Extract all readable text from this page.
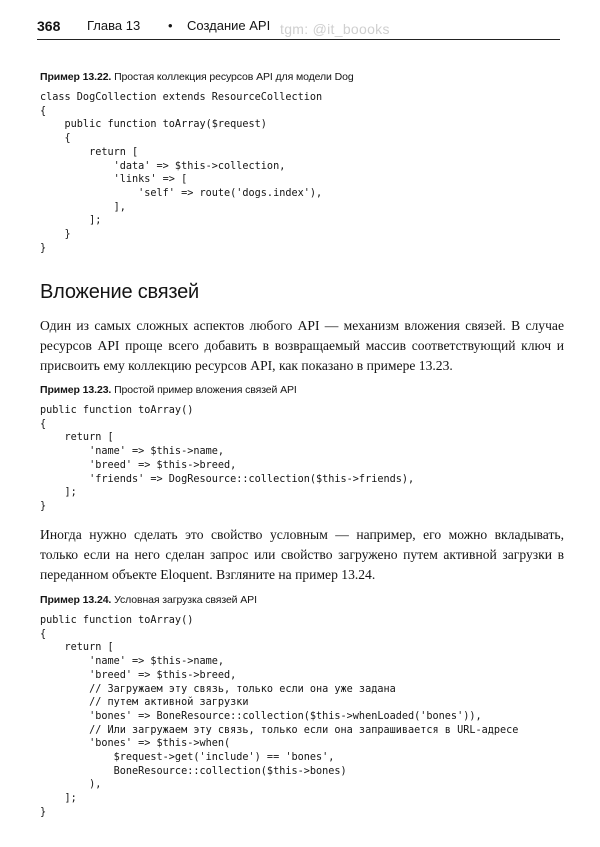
368 Глава 13 • Создание API tgm: @it_boooks
Пример 13.22. Простая коллекция ресурсов API для модели Dog
class DogCollection extends ResourceCollection
{
public function toArray($request)
{
return [
'data' => $this->collection,
'links' => [
'self' => route('dogs.index'),
],
];
}
}
Вложение связей

Один из самых сложных аспектов любого API — механизм вложения связей. В случае ресурсов API проще всего добавить в возвращаемый массив соответствующий ключ и присвоить ему коллекцию ресурсов API, как показано в примере 13.23.

Пример 13.23. Простой пример вложения связей API
public function toArray()
{
return [
'name' => $this->name,
'breed' => $this->breed,
'friends' => DogResource::collection($this->friends),
];
}

Иногда нужно сделать это свойство условным — например, его можно вкладывать, только если на него сделан запрос или свойство загружено путем активной загрузки в переданном объекте Eloquent. Взгляните на пример 13.24.

Пример 13.24. Условная загрузка связей API
public function toArray()
{
return [
'name' => $this->name,
'breed' => $this->breed,
// Загружаем эту связь, только если она уже задана
// путем активной загрузки
'bones' => BoneResource::collection($this->whenLoaded('bones')),
// Или загружаем эту связь, только если она запрашивается в URL-адресе
'bones' => $this->when(
$request->get('include') == 'bones',
BoneResource::collection($this->bones)
),
];
}
